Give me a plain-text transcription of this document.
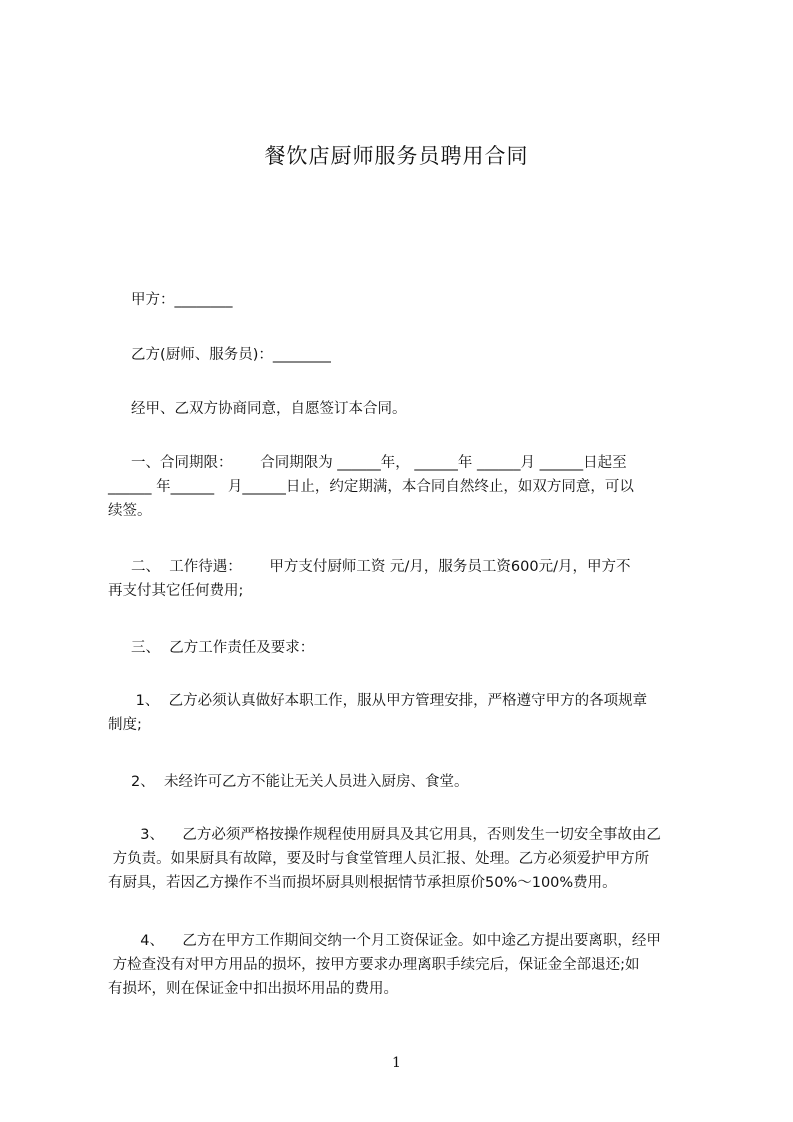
餐饮店厨师服务员聘用合同
甲方：________
乙方(厨师、服务员)：________
经甲、乙双方协商同意，自愿签订本合同。
一、合同期限：      合同期限为 ______年， ______年 ______月 ______日起至
______ 年______   月______日止，约定期满，本合同自然终止，如双方同意，可以
续签。
二、  工作待遇：      甲方支付厨师工资 元/月，服务员工资600元/月，甲方不
再支付其它任何费用;
三、  乙方工作责任及要求：
1、  乙方必须认真做好本职工作，服从甲方管理安排，严格遵守甲方的各项规章
制度;
2、  未经许可乙方不能让无关人员进入厨房、食堂。
3、    乙方必须严格按操作规程使用厨具及其它用具，否则发生一切安全事故由乙
方负责。如果厨具有故障，要及时与食堂管理人员汇报、处理。乙方必须爱护甲方所
有厨具，若因乙方操作不当而损坏厨具则根据情节承担原价50%～100%费用。
4、    乙方在甲方工作期间交纳一个月工资保证金。如中途乙方提出要离职，经甲
方检查没有对甲方用品的损坏，按甲方要求办理离职手续完后，保证金全部退还;如
有损坏，则在保证金中扣出损坏用品的费用。
1
